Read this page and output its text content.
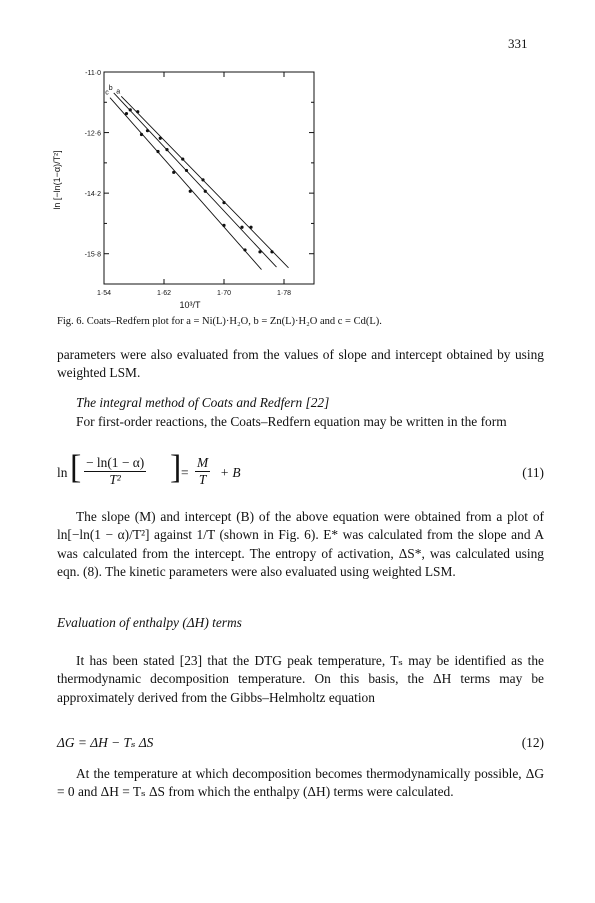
331
-11·0
-12·6
-14·2
-15·8
1·54	1·62	1·70	1·78
a
b
c
ln [−ln(1−α)/T²]
10³/T
Fig. 6. Coats–Redfern plot for a = Ni(L)·H₂O, b = Zn(L)·H₂O and c = Cd(L).
parameters were also evaluated from the values of slope and intercept obtained by using weighted LSM.
The integral method of Coats and Redfern [22]
For first-order reactions, the Coats–Redfern equation may be written in the form
ln [ $\frac{- \ln(1 - \alpha)}{\text{T²}}$ ] = $\frac{M}{T} + B$	(11)
The slope (M) and intercept (B) of the above equation were obtained from a plot of ln[−ln(1 − α)/T²] against 1/T (shown in Fig. 6). E* was calculated from the slope and A was calculated from the intercept. The entropy of activation, ΔS*, was calculated using eqn. (8). The kinetic parameters were also evaluated using weighted LSM.
Evaluation of enthalpy (ΔH) terms
It has been stated [23] that the DTG peak temperature, Tₛ may be identified as the thermodynamic decomposition temperature. On this basis, the ΔH terms may be approximately derived from the Gibbs–Helmholtz equation
ΔG = ΔH − Tₛ ΔS	(12)
At the temperature at which decomposition becomes thermodynamically possible, ΔG = 0 and ΔH = Tₛ ΔS from which the enthalpy (ΔH) terms were calculated.
